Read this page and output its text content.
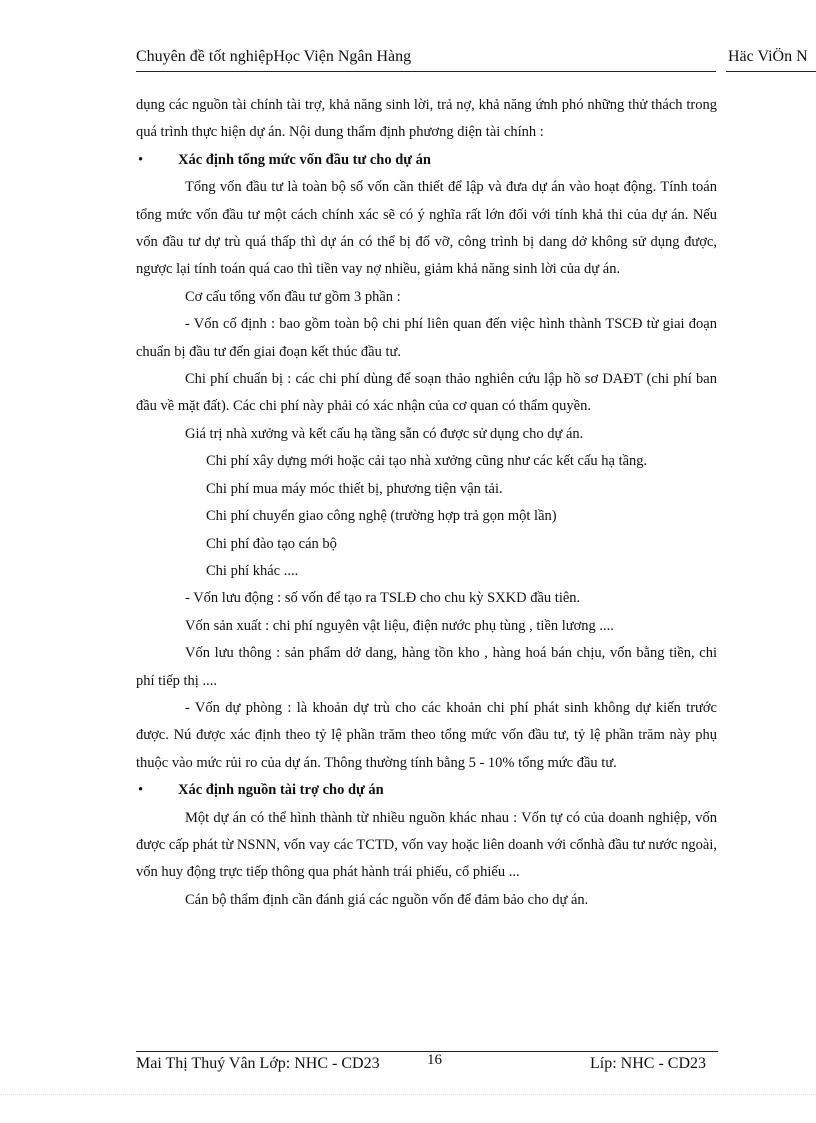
Chuyên đề tốt nghiệpHọc Viện Ngân Hàng	Häc ViÖn N

dụng các nguồn tài chính tài trợ, khả năng sinh lời, trả nợ, khả năng ứnh phó những thử thách trong quá trình thực hiện dự án. Nội dung thẩm định phương diện tài chính :

• Xác định tổng mức vốn đầu tư cho dự án

Tổng vốn đầu tư là toàn bộ số vốn cần thiết để lập và đưa dự án vào hoạt động. Tính toán tổng mức vốn đầu tư một cách chính xác sẽ có ý nghĩa rất lớn đối với tính khả thi của dự án. Nếu vốn đầu tư dự trù quá thấp thì dự án có thể bị đổ vỡ, công trình bị dang dở không sử dụng được, ngược lại tính toán quá cao thì tiền vay nợ nhiều, giảm khả năng sinh lời của dự án.

Cơ cấu tổng vốn đầu tư gồm 3 phần :

- Vốn cố định : bao gồm toàn bộ chi phí liên quan đến việc hình thành TSCĐ từ giai đoạn chuẩn bị đầu tư đến giai đoạn kết thúc đầu tư.

Chi phí chuẩn bị : các chi phí dùng để soạn thảo nghiên cứu lập hồ sơ DAĐT (chi phí ban đầu về mặt đất). Các chi phí này phải có xác nhận của cơ quan có thẩm quyền.

Giá trị nhà xưởng và kết cấu hạ tầng sẵn có được sử dụng cho dự án.

Chi phí xây dựng mới hoặc cải tạo nhà xưởng cũng như các kết cấu hạ tầng.

Chi phí mua máy móc thiết bị, phương tiện vận tải.

Chi phí chuyển giao công nghệ (trường hợp trả gọn một lần)

Chi phí đào tạo cán bộ

Chi phí khác ....

- Vốn lưu động : số vốn để tạo ra TSLĐ cho chu kỳ SXKD đầu tiên.

Vốn sản xuất : chi phí nguyên vật liệu, điện nước phụ tùng , tiền lương ....

Vốn lưu thông : sản phẩm dở dang, hàng tồn kho , hàng hoá bán chịu, vốn bằng tiền, chi phí tiếp thị ....

- Vốn dự phòng : là khoản dự trù cho các khoản chi phí phát sinh không dự kiến trước được. Nú được xác định theo tỷ lệ phần trăm theo tổng mức vốn đầu tư, tỷ lệ phần trăm này phụ thuộc vào mức rủi ro của dự án. Thông thường tính bằng 5 - 10% tổng mức đầu tư.

• Xác định nguồn tài trợ cho dự án

Một dự án có thể hình thành từ nhiều nguồn khác nhau : Vốn tự có của doanh nghiệp, vốn được cấp phát từ NSNN, vốn vay các TCTD, vốn vay hoặc liên doanh với cổnhà đầu tư nước ngoài, vốn huy động trực tiếp thông qua phát hành trái phiếu, cổ phiếu ...

Cán bộ thẩm định cần đánh giá các nguồn vốn để đảm bảo cho dự án.

Mai Thị Thuý Vân Lớp: NHC - CD23	16	Líp: NHC - CD23
